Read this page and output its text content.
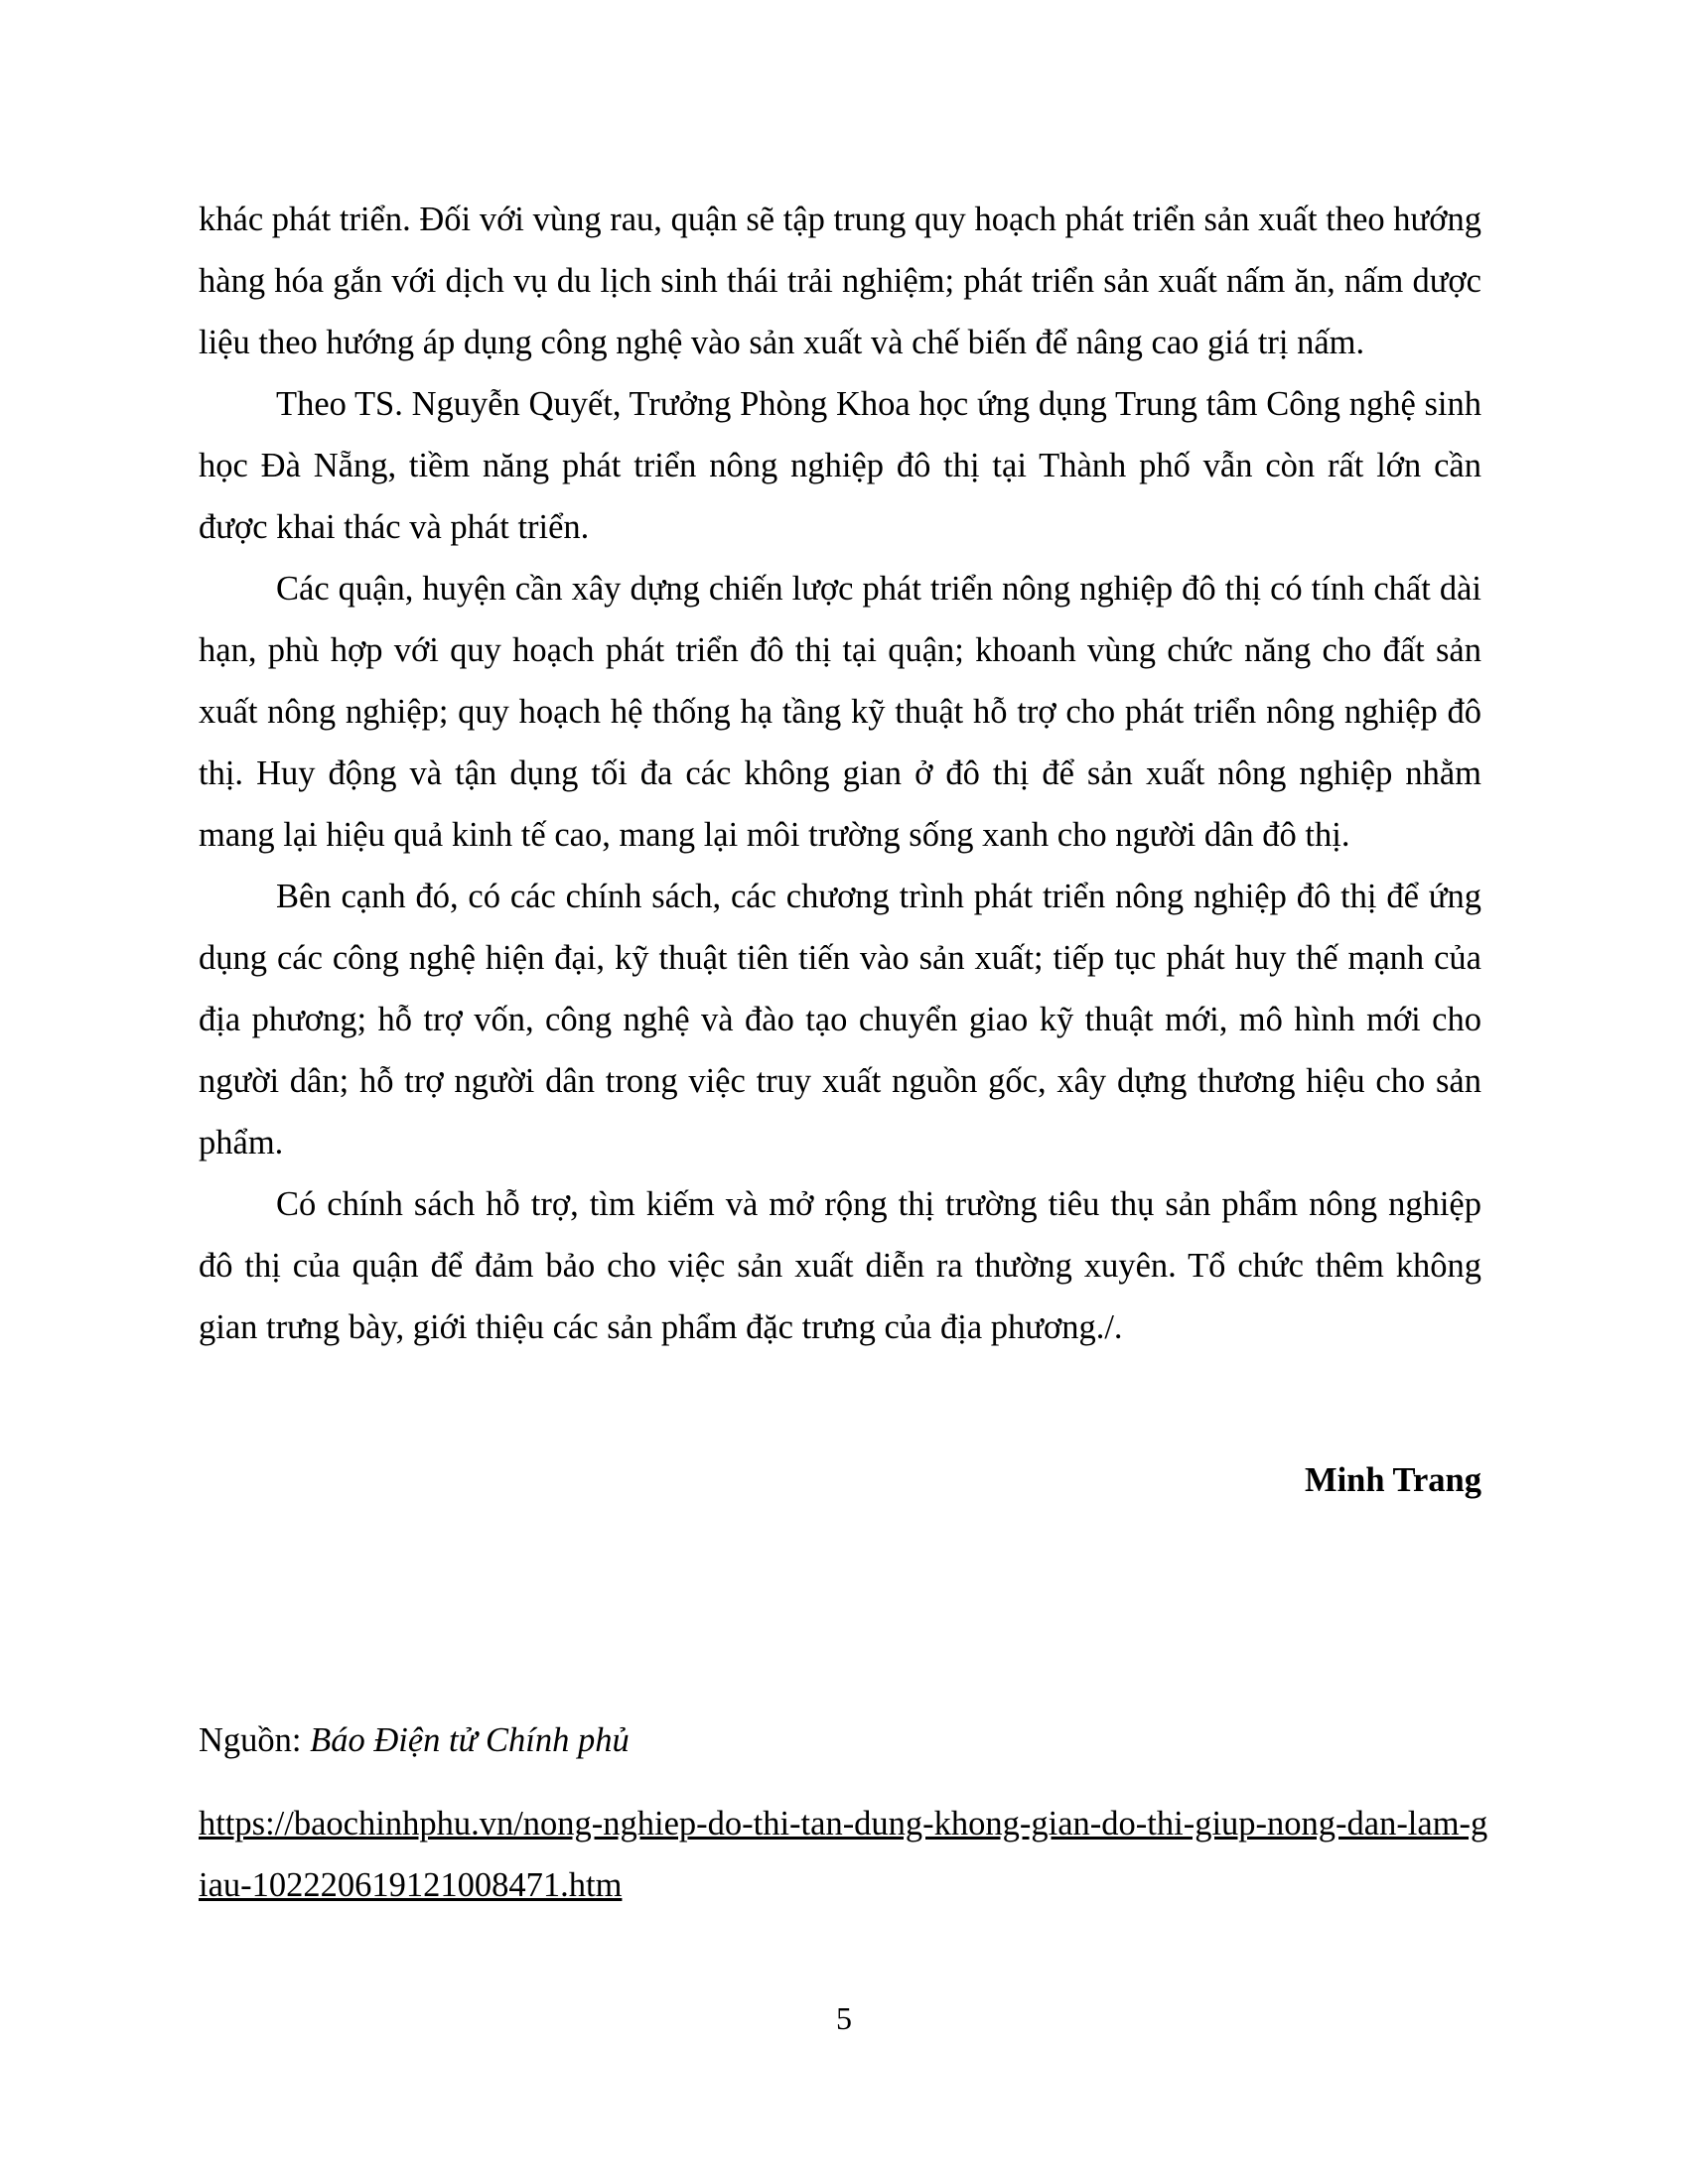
khác phát triển. Đối với vùng rau, quận sẽ tập trung quy hoạch phát triển sản xuất theo hướng hàng hóa gắn với dịch vụ du lịch sinh thái trải nghiệm; phát triển sản xuất nấm ăn, nấm dược liệu theo hướng áp dụng công nghệ vào sản xuất và chế biến để nâng cao giá trị nấm.

Theo TS. Nguyễn Quyết, Trưởng Phòng Khoa học ứng dụng Trung tâm Công nghệ sinh học Đà Nẵng, tiềm năng phát triển nông nghiệp đô thị tại Thành phố vẫn còn rất lớn cần được khai thác và phát triển.

Các quận, huyện cần xây dựng chiến lược phát triển nông nghiệp đô thị có tính chất dài hạn, phù hợp với quy hoạch phát triển đô thị tại quận; khoanh vùng chức năng cho đất sản xuất nông nghiệp; quy hoạch hệ thống hạ tầng kỹ thuật hỗ trợ cho phát triển nông nghiệp đô thị. Huy động và tận dụng tối đa các không gian ở đô thị để sản xuất nông nghiệp nhằm mang lại hiệu quả kinh tế cao, mang lại môi trường sống xanh cho người dân đô thị.

Bên cạnh đó, có các chính sách, các chương trình phát triển nông nghiệp đô thị để ứng dụng các công nghệ hiện đại, kỹ thuật tiên tiến vào sản xuất; tiếp tục phát huy thế mạnh của địa phương; hỗ trợ vốn, công nghệ và đào tạo chuyển giao kỹ thuật mới, mô hình mới cho người dân; hỗ trợ người dân trong việc truy xuất nguồn gốc, xây dựng thương hiệu cho sản phẩm.

Có chính sách hỗ trợ, tìm kiếm và mở rộng thị trường tiêu thụ sản phẩm nông nghiệp đô thị của quận để đảm bảo cho việc sản xuất diễn ra thường xuyên. Tổ chức thêm không gian trưng bày, giới thiệu các sản phẩm đặc trưng của địa phương./.

Minh Trang

Nguồn: Báo Điện tử Chính phủ

https://baochinhphu.vn/nong-nghiep-do-thi-tan-dung-khong-gian-do-thi-giup-nong-dan-lam-giau-102220619121008471.htm

5
